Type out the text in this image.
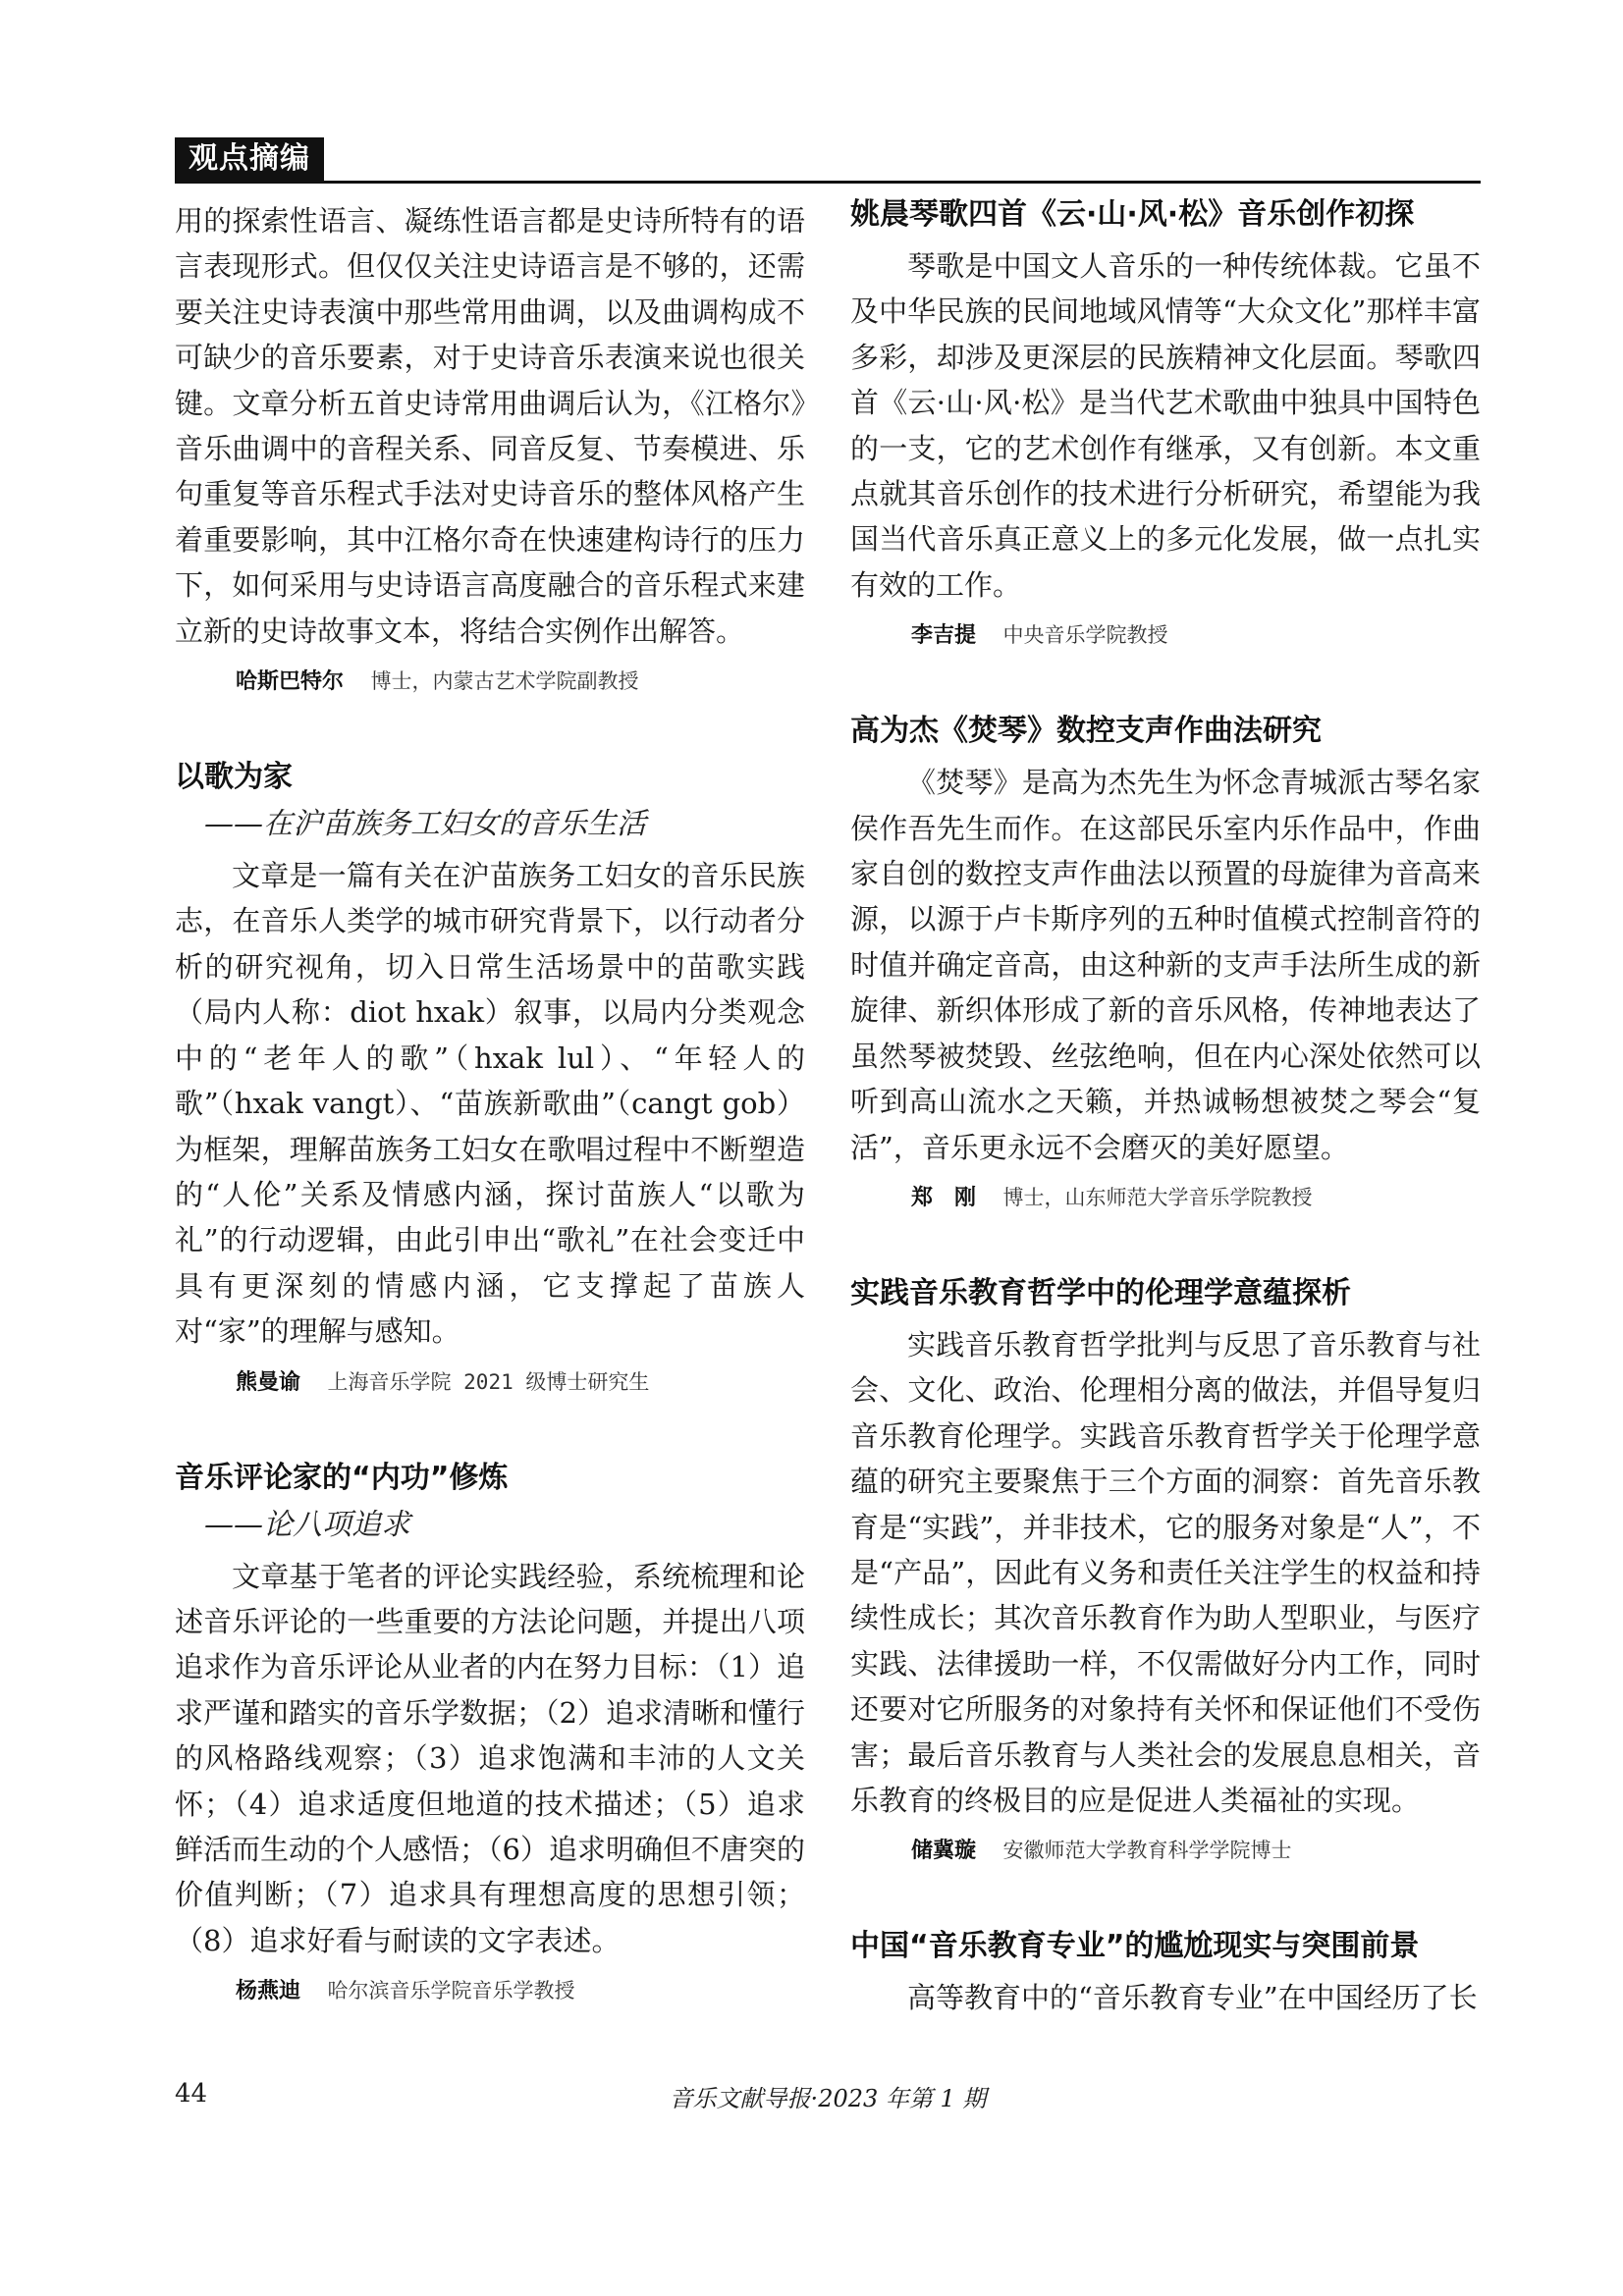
观点摘编

用的探索性语言、凝练性语言都是史诗所特有的语言表现形式。但仅仅关注史诗语言是不够的，还需要关注史诗表演中那些常用曲调，以及曲调构成不可缺少的音乐要素，对于史诗音乐表演来说也很关键。文章分析五首史诗常用曲调后认为，《江格尔》音乐曲调中的音程关系、同音反复、节奏模进、乐句重复等音乐程式手法对史诗音乐的整体风格产生着重要影响，其中江格尔奇在快速建构诗行的压力下，如何采用与史诗语言高度融合的音乐程式来建立新的史诗故事文本，将结合实例作出解答。

哈斯巴特尔 博士，内蒙古艺术学院副教授
以歌为家
——在沪苗族务工妇女的音乐生活

文章是一篇有关在沪苗族务工妇女的音乐民族志，在音乐人类学的城市研究背景下，以行动者分析的研究视角，切入日常生活场景中的苗歌实践（局内人称：diot hxak）叙事，以局内分类观念中的“老年人的歌”（hxak lul）、“年轻人的歌”（hxak vangt）、“苗族新歌曲”（cangt gob）为框架，理解苗族务工妇女在歌唱过程中不断塑造的“人伦”关系及情感内涵，探讨苗族人“以歌为礼”的行动逻辑，由此引申出“歌礼”在社会变迁中具有更深刻的情感内涵，它支撑起了苗族人对“家”的理解与感知。

熊曼谕 上海音乐学院 2021 级博士研究生
音乐评论家的“内功”修炼
——论八项追求

文章基于笔者的评论实践经验，系统梳理和论述音乐评论的一些重要的方法论问题，并提出八项追求作为音乐评论从业者的内在努力目标：（1）追求严谨和踏实的音乐学数据；（2）追求清晰和懂行的风格路线观察；（3）追求饱满和丰沛的人文关怀；（4）追求适度但地道的技术描述；（5）追求鲜活而生动的个人感悟；（6）追求明确但不唐突的价值判断；（7）追求具有理想高度的思想引领；（8）追求好看与耐读的文字表述。

杨燕迪 哈尔滨音乐学院音乐学教授
姚晨琴歌四首《云·山·风·松》音乐创作初探

琴歌是中国文人音乐的一种传统体裁。它虽不及中华民族的民间地域风情等“大众文化”那样丰富多彩，却涉及更深层的民族精神文化层面。琴歌四首《云·山·风·松》是当代艺术歌曲中独具中国特色的一支，它的艺术创作有继承，又有创新。本文重点就其音乐创作的技术进行分析研究，希望能为我国当代音乐真正意义上的多元化发展，做一点扎实有效的工作。

李吉提 中央音乐学院教授
高为杰《焚琴》数控支声作曲法研究

《焚琴》是高为杰先生为怀念青城派古琴名家侯作吾先生而作。在这部民乐室内乐作品中，作曲家自创的数控支声作曲法以预置的母旋律为音高来源，以源于卢卡斯序列的五种时值模式控制音符的时值并确定音高，由这种新的支声手法所生成的新旋律、新织体形成了新的音乐风格，传神地表达了虽然琴被焚毁、丝弦绝响，但在内心深处依然可以听到高山流水之天籁，并热诚畅想被焚之琴会“复活”，音乐更永远不会磨灭的美好愿望。

郑　刚 博士，山东师范大学音乐学院教授
实践音乐教育哲学中的伦理学意蕴探析

实践音乐教育哲学批判与反思了音乐教育与社会、文化、政治、伦理相分离的做法，并倡导复归音乐教育伦理学。实践音乐教育哲学关于伦理学意蕴的研究主要聚焦于三个方面的洞察：首先音乐教育是“实践”，并非技术，它的服务对象是“人”，不是“产品”，因此有义务和责任关注学生的权益和持续性成长；其次音乐教育作为助人型职业，与医疗实践、法律援助一样，不仅需做好分内工作，同时还要对它所服务的对象持有关怀和保证他们不受伤害；最后音乐教育与人类社会的发展息息相关，音乐教育的终极目的应是促进人类福祉的实现。

储冀璇 安徽师范大学教育科学学院博士
中国“音乐教育专业”的尴尬现实与突围前景

高等教育中的“音乐教育专业”在中国经历了长

44	音乐文献导报·2023 年第 1 期
